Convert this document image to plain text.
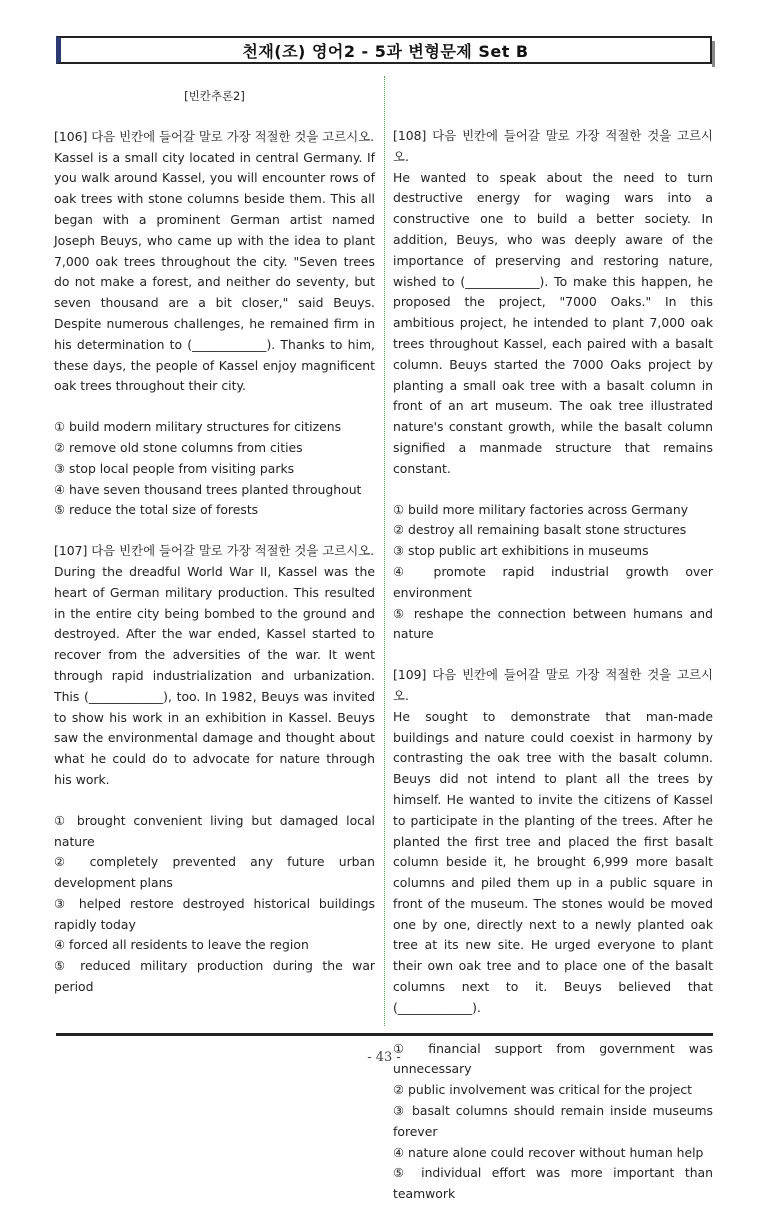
천재(조) 영어2 - 5과 변형문제 Set B
[빈칸추론2]

[106] 다음 빈칸에 들어갈 말로 가장 적절한 것을 고르시오.

Kassel is a small city located in central Germany. If you walk around Kassel, you will encounter rows of oak trees with stone columns beside them. This all began with a prominent German artist named Joseph Beuys, who came up with the idea to plant 7,000 oak trees throughout the city. "Seven trees do not make a forest, and neither do seventy, but seven thousand are a bit closer," said Beuys. Despite numerous challenges, he remained firm in his determination to (____________). Thanks to him, these days, the people of Kassel enjoy magnificent oak trees throughout their city.

① build modern military structures for citizens

② remove old stone columns from cities

③ stop local people from visiting parks

④ have seven thousand trees planted throughout

⑤ reduce the total size of forests

[107] 다음 빈칸에 들어갈 말로 가장 적절한 것을 고르시오.

During the dreadful World War II, Kassel was the heart of German military production. This resulted in the entire city being bombed to the ground and destroyed. After the war ended, Kassel started to recover from the adversities of the war. It went through rapid industrialization and urbanization. This (____________), too. In 1982, Beuys was invited to show his work in an exhibition in Kassel. Beuys saw the environmental damage and thought about what he could do to advocate for nature through his work.

① brought convenient living but damaged local nature

② completely prevented any future urban development plans

③ helped restore destroyed historical buildings rapidly today

④ forced all residents to leave the region

⑤ reduced military production during the war period

[108] 다음 빈칸에 들어갈 말로 가장 적절한 것을 고르시오.

He wanted to speak about the need to turn destructive energy for waging wars into a constructive one to build a better society. In addition, Beuys, who was deeply aware of the importance of preserving and restoring nature, wished to (____________). To make this happen, he proposed the project, "7000 Oaks." In this ambitious project, he intended to plant 7,000 oak trees throughout Kassel, each paired with a basalt column. Beuys started the 7000 Oaks project by planting a small oak tree with a basalt column in front of an art museum. The oak tree illustrated nature's constant growth, while the basalt column signified a manmade structure that remains constant.

① build more military factories across Germany

② destroy all remaining basalt stone structures

③ stop public art exhibitions in museums

④ promote rapid industrial growth over environment

⑤ reshape the connection between humans and nature

[109] 다음 빈칸에 들어갈 말로 가장 적절한 것을 고르시오.

He sought to demonstrate that man-made buildings and nature could coexist in harmony by contrasting the oak tree with the basalt column. Beuys did not intend to plant all the trees by himself. He wanted to invite the citizens of Kassel to participate in the planting of the trees. After he planted the first tree and placed the first basalt column beside it, he brought 6,999 more basalt columns and piled them up in a public square in front of the museum. The stones would be moved one by one, directly next to a newly planted oak tree at its new site. He urged everyone to plant their own oak tree and to place one of the basalt columns next to it. Beuys believed that (____________).

① financial support from government was unnecessary

② public involvement was critical for the project

③ basalt columns should remain inside museums forever

④ nature alone could recover without human help

⑤ individual effort was more important than teamwork

- 43 -
